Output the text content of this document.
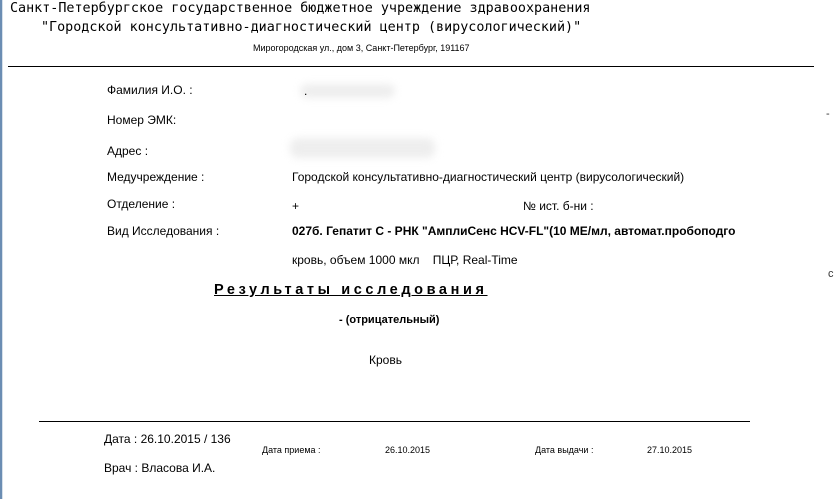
Санкт-Петербургское государственное бюджетное учреждение здравоохранения
"Городской консультативно-диагностический центр (вирусологический)"
Мирогородская ул., дом 3, Санкт-Петербург, 191167
Фамилия И.О. :	.
Номер ЭМК:
Адрес :
Медучреждение :	Городской консультативно-диагностический центр (вирусологический)
Отделение :	+	№ ист. б-ни :
Вид Исследования :	027б. Гепатит С - РНК "АмплиСенс HCV-FL"(10 МЕ/мл, автомат.пробоподго
кровь, объем 1000 мкл    ПЦР, Real-Time
Результаты исследования
- (отрицательный)
Кровь
Дата : 26.10.2015 / 136
Дата приема :	26.10.2015	Дата выдачи :	27.10.2015
Врач : Власова И.А.
-
c
